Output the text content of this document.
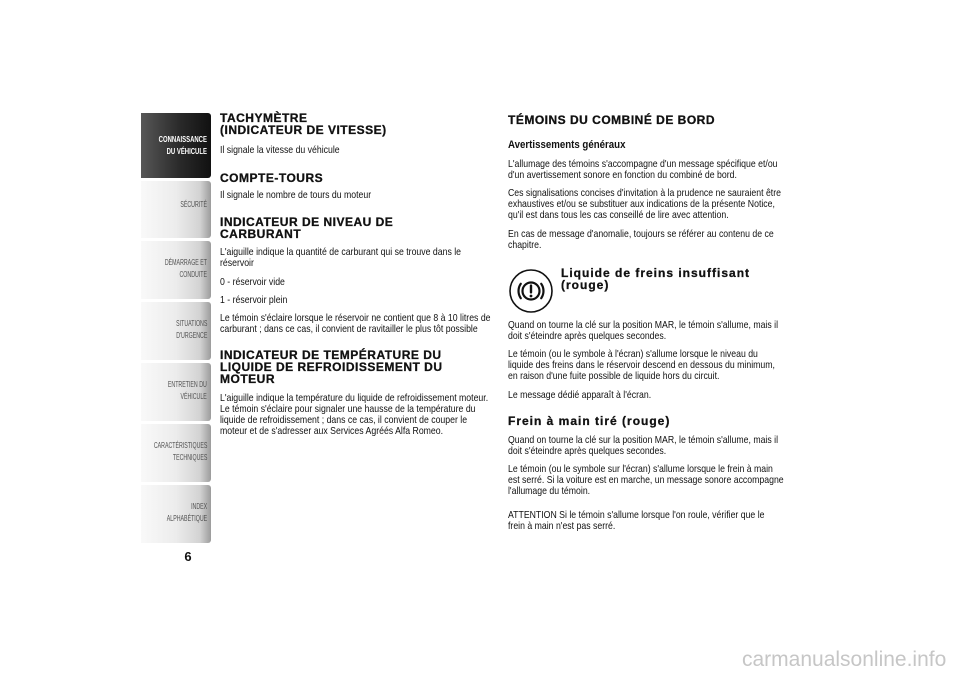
CONNAISSANCE
DU VÉHICULE
SÉCURITÉ
DÉMARRAGE ET
CONDUITE
SITUATIONS
D'URGENCE
ENTRETIEN DU
VÉHICULE
CARACTÉRISTIQUES
TECHNIQUES
INDEX
ALPHABÉTIQUE
6
TACHYMÈTRE
(INDICATEUR DE VITESSE)
Il signale la vitesse du véhicule
COMPTE-TOURS
Il signale le nombre de tours du moteur
INDICATEUR DE NIVEAU DE
CARBURANT
L'aiguille indique la quantité de carburant qui se trouve dans le
réservoir
0 - réservoir vide
1 - réservoir plein
Le témoin s'éclaire lorsque le réservoir ne contient que 8 à 10 litres de
carburant ; dans ce cas, il convient de ravitailler le plus tôt possible
INDICATEUR DE TEMPÉRATURE DU
LIQUIDE DE REFROIDISSEMENT DU
MOTEUR
L'aiguille indique la température du liquide de refroidissement moteur.
Le témoin s'éclaire pour signaler une hausse de la température du
liquide de refroidissement ; dans ce cas, il convient de couper le
moteur et de s'adresser aux Services Agréés Alfa Romeo.
TÉMOINS DU COMBINÉ DE BORD
Avertissements généraux
L'allumage des témoins s'accompagne d'un message spécifique et/ou
d'un avertissement sonore en fonction du combiné de bord.
Ces signalisations concises d'invitation à la prudence ne sauraient être
exhaustives et/ou se substituer aux indications de la présente Notice,
qu'il est dans tous les cas conseillé de lire avec attention.
En cas de message d'anomalie, toujours se référer au contenu de ce
chapitre.
Liquide de freins insuffisant
(rouge)
Quand on tourne la clé sur la position MAR, le témoin s'allume, mais il
doit s'éteindre après quelques secondes.
Le témoin (ou le symbole à l'écran) s'allume lorsque le niveau du
liquide des freins dans le réservoir descend en dessous du minimum,
en raison d'une fuite possible de liquide hors du circuit.
Le message dédié apparaît à l'écran.
Frein à main tiré (rouge)
Quand on tourne la clé sur la position MAR, le témoin s'allume, mais il
doit s'éteindre après quelques secondes.
Le témoin (ou le symbole sur l'écran) s'allume lorsque le frein à main
est serré. Si la voiture est en marche, un message sonore accompagne
l'allumage du témoin.
ATTENTION Si le témoin s'allume lorsque l'on roule, vérifier que le
frein à main n'est pas serré.
carmanualsonline.info
